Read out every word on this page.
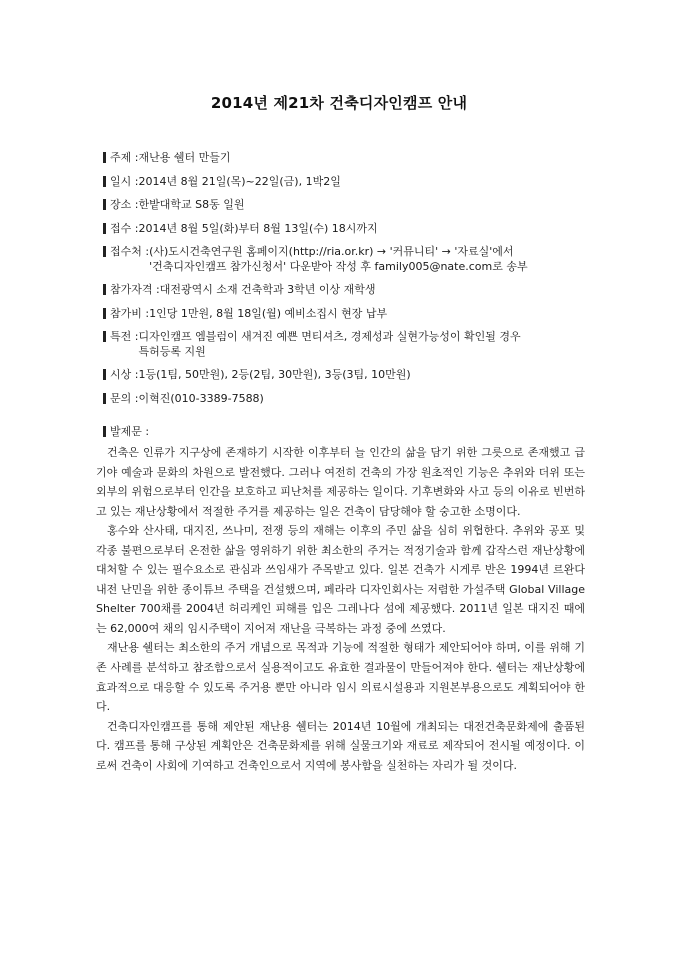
2014년 제21차 건축디자인캠프 안내
주제 : 재난용 쉘터 만들기
일시 : 2014년 8월 21일(목)~22일(금), 1박2일
장소 : 한밭대학교 S8동 일원
접수 : 2014년 8월 5일(화)부터 8월 13일(수) 18시까지
접수처 : (사)도시건축연구원 홈페이지(http://ria.or.kr) → '커뮤니티' → '자료실'에서
'건축디자인캠프 참가신청서' 다운받아 작성 후 family005@nate.com로 송부
참가자격 : 대전광역시 소재 건축학과 3학년 이상 재학생
참가비 : 1인당 1만원, 8월 18일(월) 예비소집시 현장 납부
특전 : 디자인캠프 엠블럼이 새겨진 예쁜 면티셔츠, 경제성과 실현가능성이 확인될 경우
특허등록 지원
시상 : 1등(1팀, 50만원), 2등(2팀, 30만원), 3등(3팀, 10만원)
문의 : 이혁진(010-3389-7588)
발제문 :

건축은 인류가 지구상에 존재하기 시작한 이후부터 늘 인간의 삶을 담기 위한 그릇으로 존재했고 급기야 예술과 문화의 차원으로 발전했다. 그러나 여전히 건축의 가장 원초적인 기능은 추위와 더위 또는 외부의 위험으로부터 인간을 보호하고 피난처를 제공하는 일이다. 기후변화와 사고 등의 이유로 빈번하고 있는 재난상황에서 적절한 주거를 제공하는 일은 건축이 담당해야 할 숭고한 소명이다.

홍수와 산사태, 대지진, 쓰나미, 전쟁 등의 재해는 이후의 주민 삶을 심히 위협한다. 추위와 공포 및 각종 불편으로부터 온전한 삶을 영위하기 위한 최소한의 주거는 적정기술과 함께 갑작스런 재난상황에 대처할 수 있는 필수요소로 관심과 쓰임새가 주목받고 있다. 일본 건축가 시게루 반은 1994년 르완다 내전 난민을 위한 종이튜브 주택을 건설했으며, 페라라 디자인회사는 저렴한 가설주택 Global Village Shelter 700채를 2004년 허리케인 피해를 입은 그레나다 섬에 제공했다. 2011년 일본 대지진 때에는 62,000여 채의 임시주택이 지어져 재난을 극복하는 과정 중에 쓰였다.

재난용 쉘터는 최소한의 주거 개념으로 목적과 기능에 적절한 형태가 제안되어야 하며, 이를 위해 기존 사례를 분석하고 참조함으로서 실용적이고도 유효한 결과물이 만들어져야 한다. 쉘터는 재난상황에 효과적으로 대응할 수 있도록 주거용 뿐만 아니라 임시 의료시설용과 지원본부용으로도 계획되어야 한다.

건축디자인캠프를 통해 제안된 재난용 쉘터는 2014년 10월에 개최되는 대전건축문화제에 출품된다. 캠프를 통해 구상된 계획안은 건축문화제를 위해 실물크기와 재료로 제작되어 전시될 예정이다. 이로써 건축이 사회에 기여하고 건축인으로서 지역에 봉사함을 실천하는 자리가 될 것이다.
